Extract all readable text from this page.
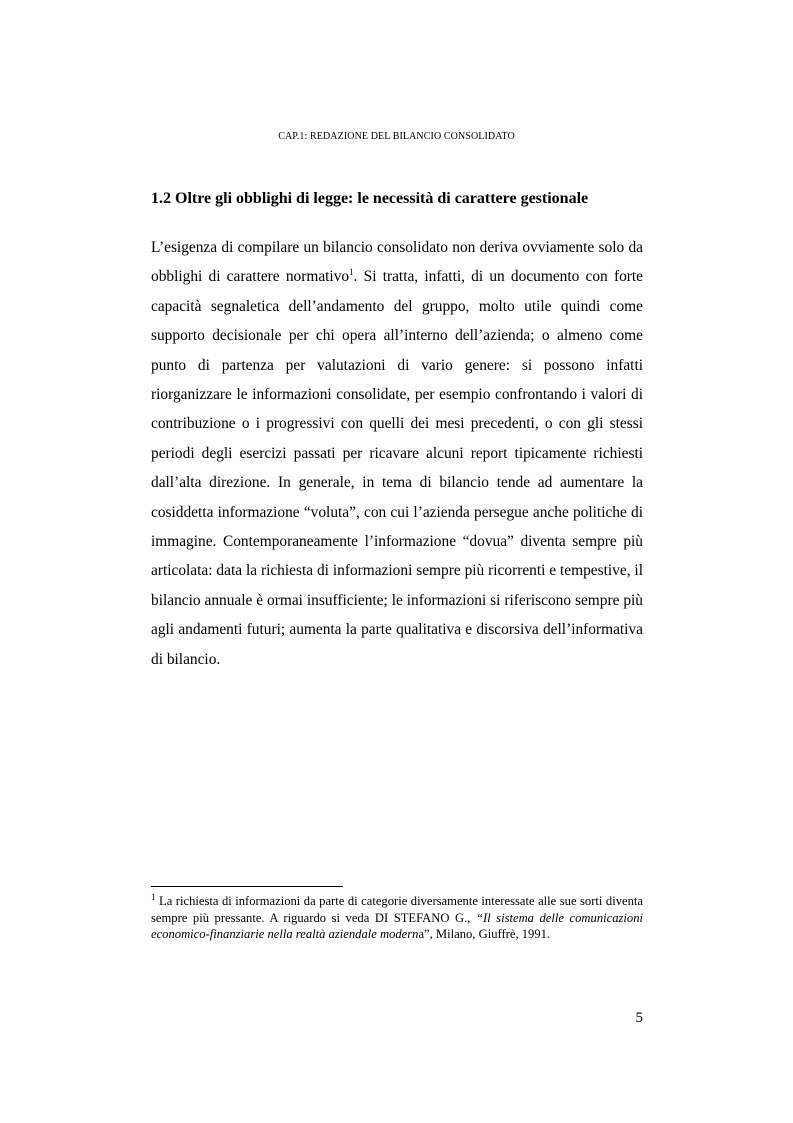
CAP.1: REDAZIONE DEL BILANCIO CONSOLIDATO
1.2 Oltre gli obblighi di legge: le necessità di carattere gestionale

L’esigenza di compilare un bilancio consolidato non deriva ovviamente solo da obblighi di carattere normativo$^1$. Si tratta, infatti, di un documento con forte capacità segnaletica dell’andamento del gruppo, molto utile quindi come supporto decisionale per chi opera all’interno dell’azienda; o almeno come punto di partenza per valutazioni di vario genere: si possono infatti riorganizzare le informazioni consolidate, per esempio confrontando i valori di contribuzione o i progressivi con quelli dei mesi precedenti, o con gli stessi periodi degli esercizi passati per ricavare alcuni report tipicamente richiesti dall’alta direzione. In generale, in tema di bilancio tende ad aumentare la cosiddetta informazione “voluta”, con cui l’azienda persegue anche politiche di immagine. Contemporaneamente l’informazione “dovua” diventa sempre più articolata: data la richiesta di informazioni sempre più ricorrenti e tempestive, il bilancio annuale è ormai insufficiente; le informazioni si riferiscono sempre più agli andamenti futuri; aumenta la parte qualitativa e discorsiva dell’informativa di bilancio.

$^1$ La richiesta di informazioni da parte di categorie diversamente interessate alle sue sorti diventa sempre più pressante. A riguardo si veda DI STEFANO G., “Il sistema delle comunicazioni economico-finanziarie nella realtà aziendale moderna”, Milano, Giuffrè, 1991.

5
